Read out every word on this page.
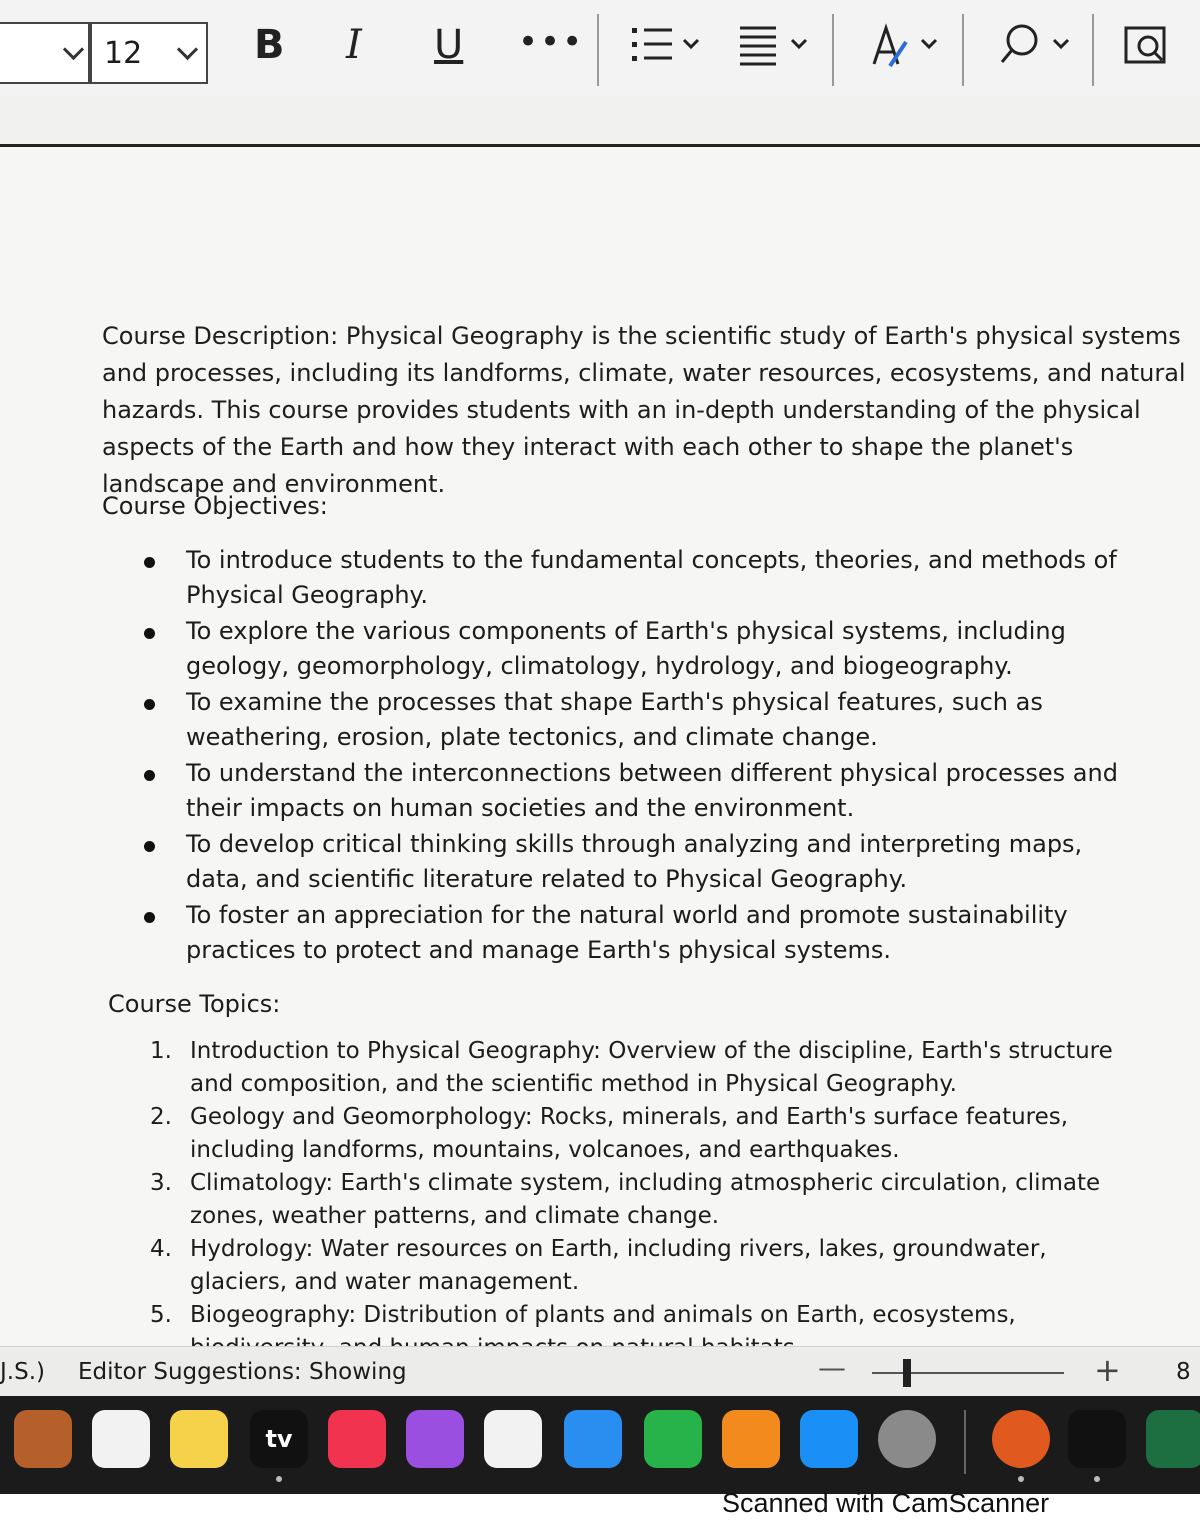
12	B I U •••

Course Description: Physical Geography is the scientific study of Earth's physical systems and processes, including its landforms, climate, water resources, ecosystems, and natural hazards. This course provides students with an in-depth understanding of the physical aspects of the Earth and how they interact with each other to shape the planet's landscape and environment.

Course Objectives:

To introduce students to the fundamental concepts, theories, and methods of Physical Geography.
To explore the various components of Earth's physical systems, including geology, geomorphology, climatology, hydrology, and biogeography.
To examine the processes that shape Earth's physical features, such as weathering, erosion, plate tectonics, and climate change.
To understand the interconnections between different physical processes and their impacts on human societies and the environment.
To develop critical thinking skills through analyzing and interpreting maps, data, and scientific literature related to Physical Geography.
To foster an appreciation for the natural world and promote sustainability practices to protect and manage Earth's physical systems.

Course Topics:

1. Introduction to Physical Geography: Overview of the discipline, Earth's structure and composition, and the scientific method in Physical Geography.
2. Geology and Geomorphology: Rocks, minerals, and Earth's surface features, including landforms, mountains, volcanoes, and earthquakes.
3. Climatology: Earth's climate system, including atmospheric circulation, climate zones, weather patterns, and climate change.
4. Hydrology: Water resources on Earth, including rivers, lakes, groundwater, glaciers, and water management.
5. Biogeography: Distribution of plants and animals on Earth, ecosystems,
J.S.) Editor Suggestions: Showing	—	+ 8
tv
Scanned with CamScanner
